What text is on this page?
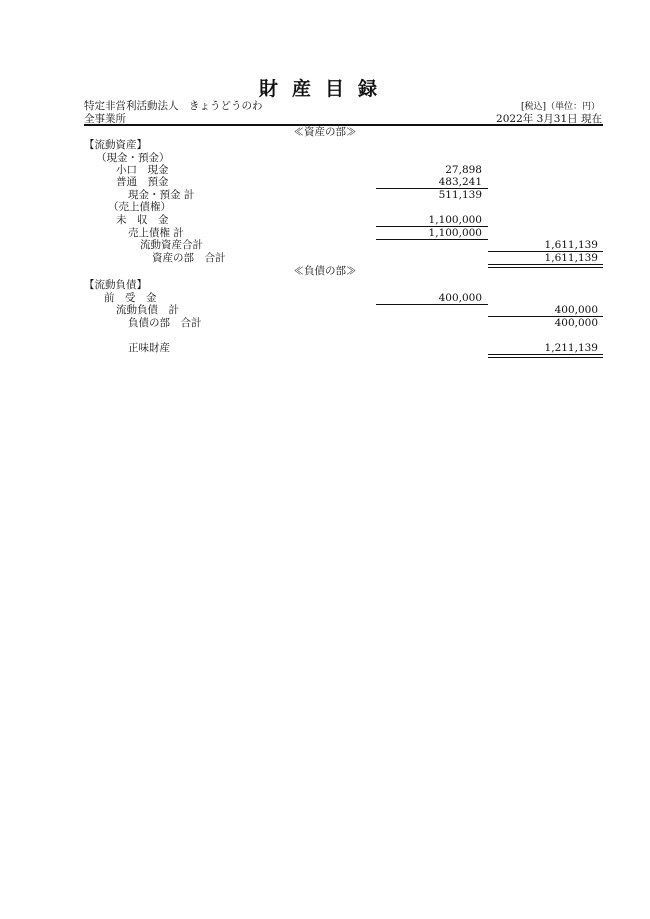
財産目録
特定非営利活動法人　きょうどうのわ	[税込]（単位：円）
全事業所	2022年 3月31日 現在
≪資産の部≫
【流動資産】
（現金・預金）
小口　現金	27,898
普通　預金	483,241
現金・預金 計	511,139
（売上債権）
未　収　金	1,100,000
売上債権 計	1,100,000
流動資産合計	1,611,139
資産の部　合計	1,611,139
≪負債の部≫
【流動負債】
前　受　金	400,000
流動負債　計	400,000
負債の部　合計	400,000
正味財産	1,211,139
